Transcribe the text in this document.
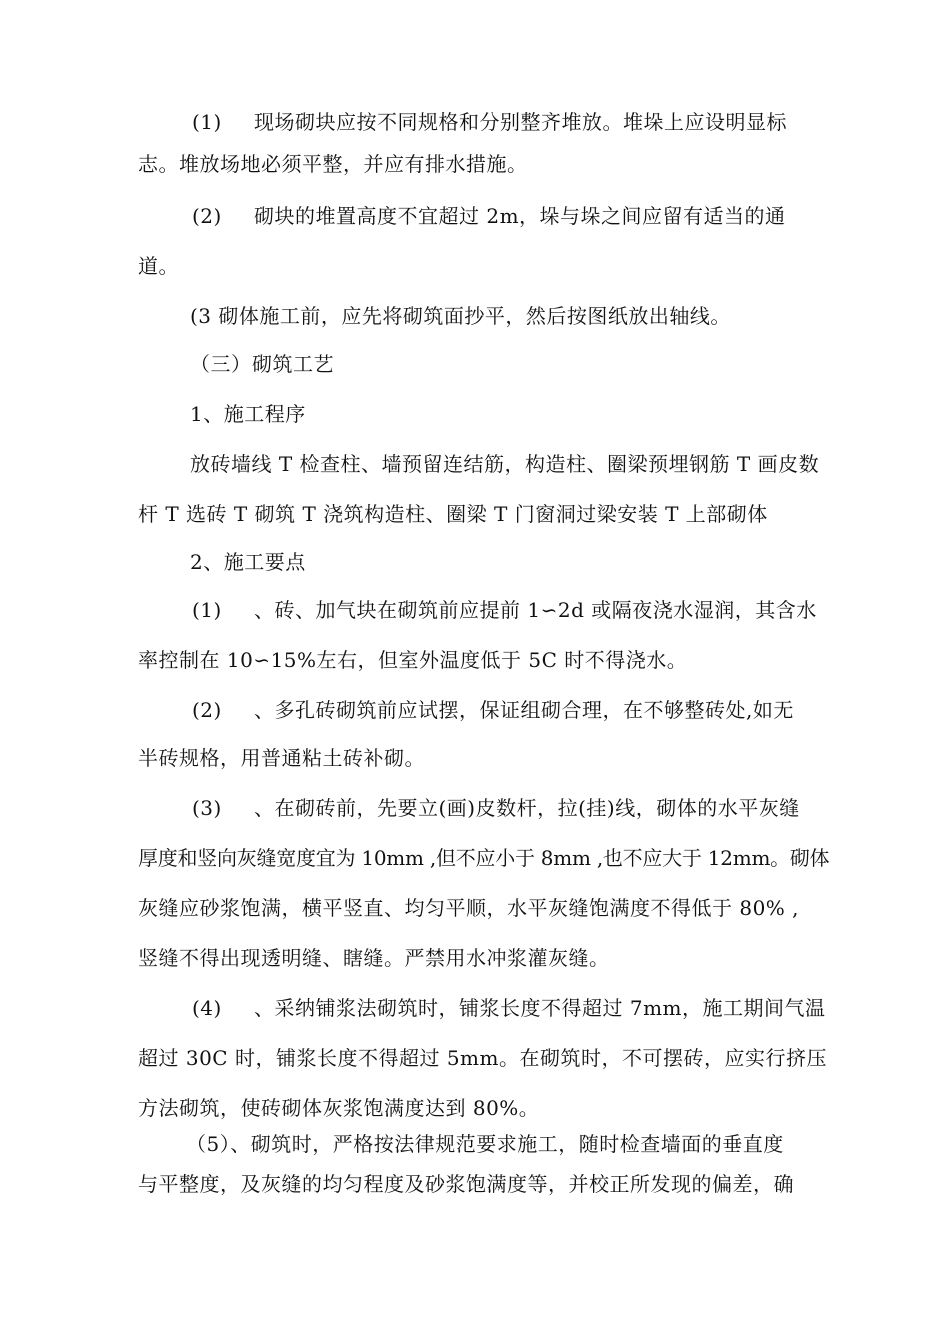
(1) 现场砌块应按不同规格和分别整齐堆放。堆垛上应设明显标
志。堆放场地必须平整，并应有排水措施。
(2) 砌块的堆置高度不宜超过 2m，垛与垛之间应留有适当的通
道。
(3 砌体施工前，应先将砌筑面抄平，然后按图纸放出轴线。
（三）砌筑工艺
1、施工程序
放砖墙线 T 检查柱、墙预留连结筋，构造柱、圈梁预埋钢筋 T 画皮数
杆 T 选砖 T 砌筑 T 浇筑构造柱、圈梁 T 门窗洞过梁安装 T 上部砌体
2、施工要点
(1) 、砖、加气块在砌筑前应提前 1∽2d 或隔夜浇水湿润，其含水
率控制在 10∽15%左右，但室外温度低于 5C 时不得浇水。
(2) 、多孔砖砌筑前应试摆，保证组砌合理，在不够整砖处,如无
半砖规格，用普通粘土砖补砌。
(3) 、在砌砖前，先要立(画)皮数杆，拉(挂)线，砌体的水平灰缝
厚度和竖向灰缝宽度宜为 10mm ,但不应小于 8mm ,也不应大于 12mm。砌体
灰缝应砂浆饱满，横平竖直、均匀平顺，水平灰缝饱满度不得低于 80% ,
竖缝不得出现透明缝、瞎缝。严禁用水冲浆灌灰缝。
(4) 、采纳铺浆法砌筑时，铺浆长度不得超过 7mm，施工期间气温
超过 30C 时，铺浆长度不得超过 5mm。在砌筑时，不可摆砖，应实行挤压
方法砌筑，使砖砌体灰浆饱满度达到 80%。
（5）、砌筑时，严格按法律规范要求施工，随时检查墙面的垂直度
与平整度，及灰缝的均匀程度及砂浆饱满度等，并校正所发现的偏差，确
